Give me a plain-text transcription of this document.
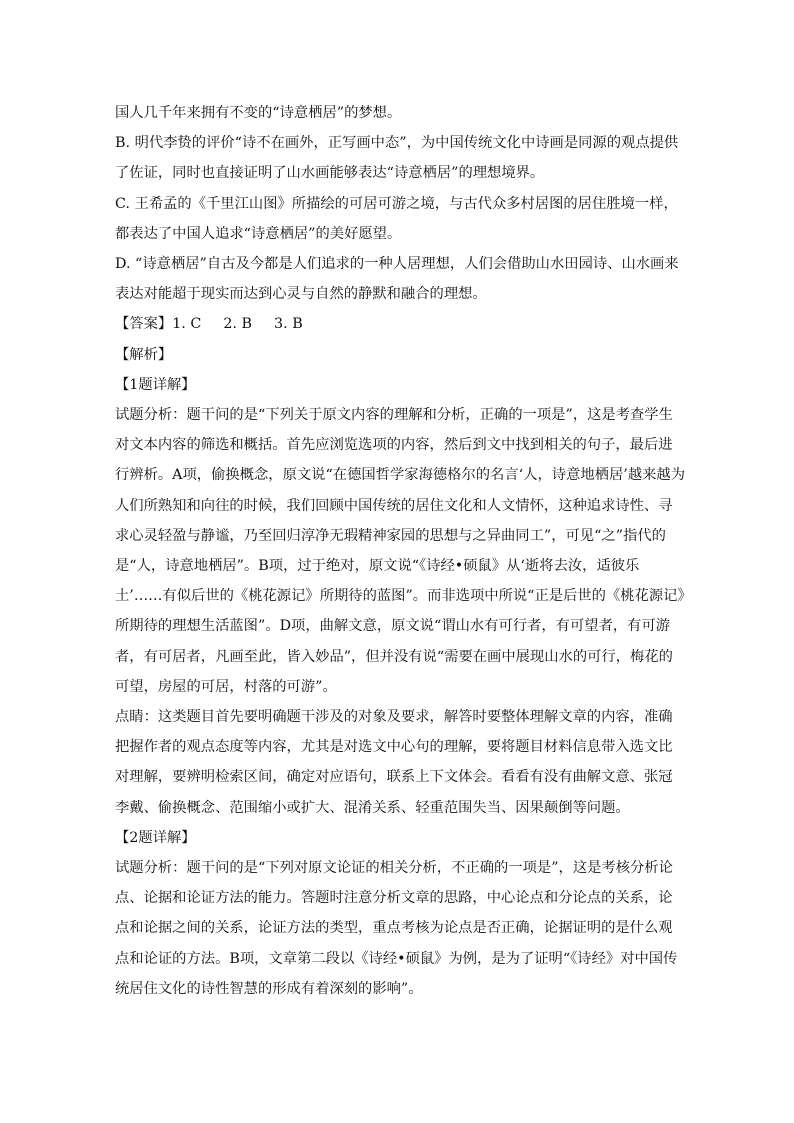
国人几千年来拥有不变的“诗意栖居”的梦想。

B. 明代李贽的评价“诗不在画外，正写画中态”，为中国传统文化中诗画是同源的观点提供了佐证，同时也直接证明了山水画能够表达“诗意栖居”的理想境界。

C. 王希孟的《千里江山图》所描绘的可居可游之境，与古代众多村居图的居住胜境一样，都表达了中国人追求“诗意栖居”的美好愿望。

D. “诗意栖居”自古及今都是人们追求的一种人居理想，人们会借助山水田园诗、山水画来表达对能超于现实而达到心灵与自然的静默和融合的理想。

【答案】1. C 2. B 3. B

【解析】

【1题详解】

试题分析：题干问的是“下列关于原文内容的理解和分析，正确的一项是”，这是考查学生对文本内容的筛选和概括。首先应浏览选项的内容，然后到文中找到相关的句子，最后进行辨析。A项，偷换概念，原文说“在德国哲学家海德格尔的名言‘人，诗意地栖居’越来越为人们所熟知和向往的时候，我们回顾中国传统的居住文化和人文情怀，这种追求诗性、寻求心灵轻盈与静谧，乃至回归淳净无瑕精神家园的思想与之异曲同工”，可见“之”指代的是“人，诗意地栖居”。B项，过于绝对，原文说“《诗经•硕鼠》从‘逝将去汝，适彼乐土’……有似后世的《桃花源记》所期待的蓝图”。而非选项中所说“正是后世的《桃花源记》所期待的理想生活蓝图”。D项，曲解文意，原文说“谓山水有可行者，有可望者，有可游者，有可居者，凡画至此，皆入妙品”，但并没有说“需要在画中展现山水的可行，梅花的可望，房屋的可居，村落的可游”。

点睛：这类题目首先要明确题干涉及的对象及要求，解答时要整体理解文章的内容，准确把握作者的观点态度等内容，尤其是对选文中心句的理解，要将题目材料信息带入选文比对理解，要辨明检索区间，确定对应语句，联系上下文体会。看看有没有曲解文意、张冠李戴、偷换概念、范围缩小或扩大、混淆关系、轻重范围失当、因果颠倒等问题。

【2题详解】

试题分析：题干问的是“下列对原文论证的相关分析，不正确的一项是”，这是考核分析论点、论据和论证方法的能力。答题时注意分析文章的思路，中心论点和分论点的关系，论点和论据之间的关系，论证方法的类型，重点考核为论点是否正确，论据证明的是什么观点和论证的方法。B项，文章第二段以《诗经•硕鼠》为例，是为了证明“《诗经》对中国传统居住文化的诗性智慧的形成有着深刻的影响”。
